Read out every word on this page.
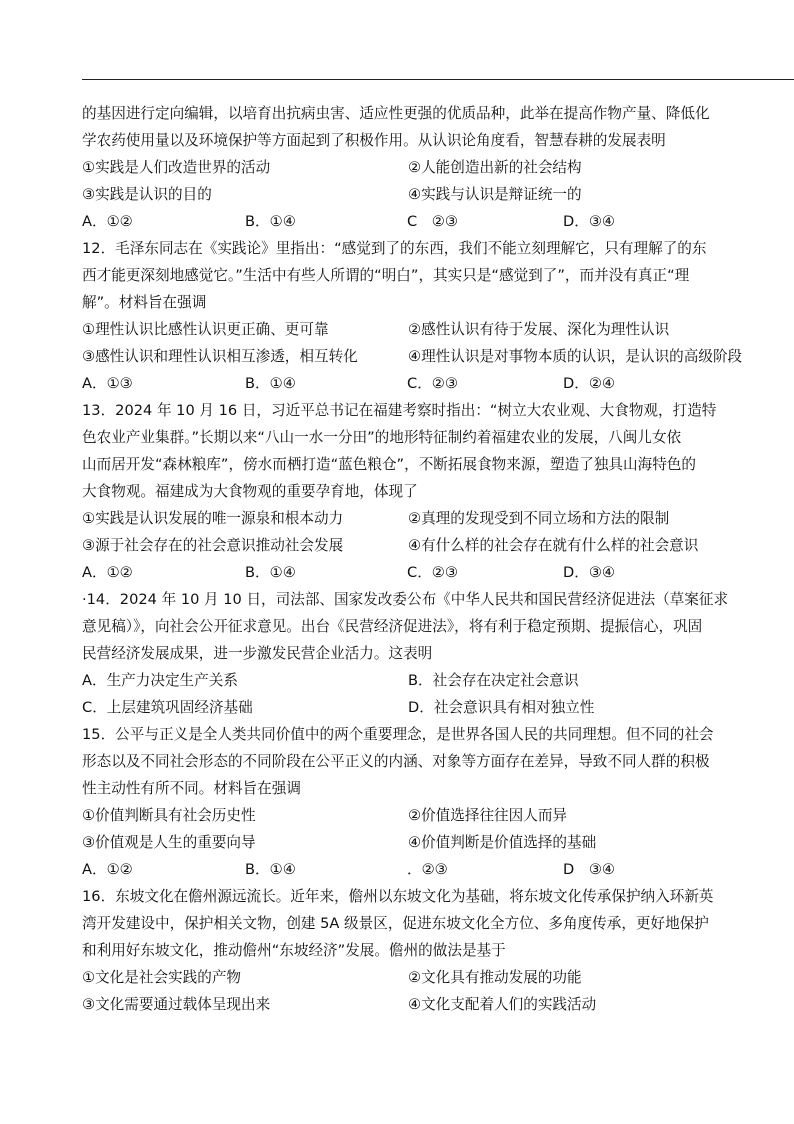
的基因进行定向编辑，以培育出抗病虫害、适应性更强的优质品种，此举在提高作物产量、降低化
学农药使用量以及环境保护等方面起到了积极作用。从认识论角度看，智慧春耕的发展表明
①实践是人们改造世界的活动	②人能创造出新的社会结构
③实践是认识的目的	④实践与认识是辩证统一的
A．①②	B．①④	C　②③	D．③④
12．毛泽东同志在《实践论》里指出：“感觉到了的东西，我们不能立刻理解它，只有理解了的东
西才能更深刻地感觉它。”生活中有些人所谓的“明白”，其实只是“感觉到了”，而并没有真正“理
解”。材料旨在强调
①理性认识比感性认识更正确、更可靠	②感性认识有待于发展、深化为理性认识
③感性认识和理性认识相互渗透，相互转化	④理性认识是对事物本质的认识，是认识的高级阶段
A．①③	B．①④	C．②③	D．②④
13．2024 年 10 月 16 日，习近平总书记在福建考察时指出：“树立大农业观、大食物观，打造特
色农业产业集群。”长期以来“八山一水一分田”的地形特征制约着福建农业的发展，八闽儿女依
山而居开发“森林粮库”，傍水而栖打造“蓝色粮仓”，不断拓展食物来源，塑造了独具山海特色的
大食物观。福建成为大食物观的重要孕育地，体现了
①实践是认识发展的唯一源泉和根本动力	②真理的发现受到不同立场和方法的限制
③源于社会存在的社会意识推动社会发展	④有什么样的社会存在就有什么样的社会意识
A．①②	B．①④	C．②③	D．③④
·14．2024 年 10 月 10 日，司法部、国家发改委公布《中华人民共和国民营经济促进法（草案征求
意见稿）》，向社会公开征求意见。出台《民营经济促进法》，将有利于稳定预期、提振信心，巩固
民营经济发展成果，进一步激发民营企业活力。这表明
A．生产力决定生产关系	B．社会存在决定社会意识
C．上层建筑巩固经济基础	D．社会意识具有相对独立性
15．公平与正义是全人类共同价值中的两个重要理念，是世界各国人民的共同理想。但不同的社会
形态以及不同社会形态的不同阶段在公平正义的内涵、对象等方面存在差异，导致不同人群的积极
性主动性有所不同。材料旨在强调
①价值判断具有社会历史性	②价值选择往往因人而异
③价值观是人生的重要向导	④价值判断是价值选择的基础
A．①②	B．①④	．②③	D　③④
16．东坡文化在儋州源远流长。近年来，儋州以东坡文化为基础，将东坡文化传承保护纳入环新英
湾开发建设中，保护相关文物，创建 5A 级景区，促进东坡文化全方位、多角度传承，更好地保护
和利用好东坡文化，推动儋州“东坡经济”发展。儋州的做法是基于
①文化是社会实践的产物	②文化具有推动发展的功能
③文化需要通过载体呈现出来	④文化支配着人们的实践活动
